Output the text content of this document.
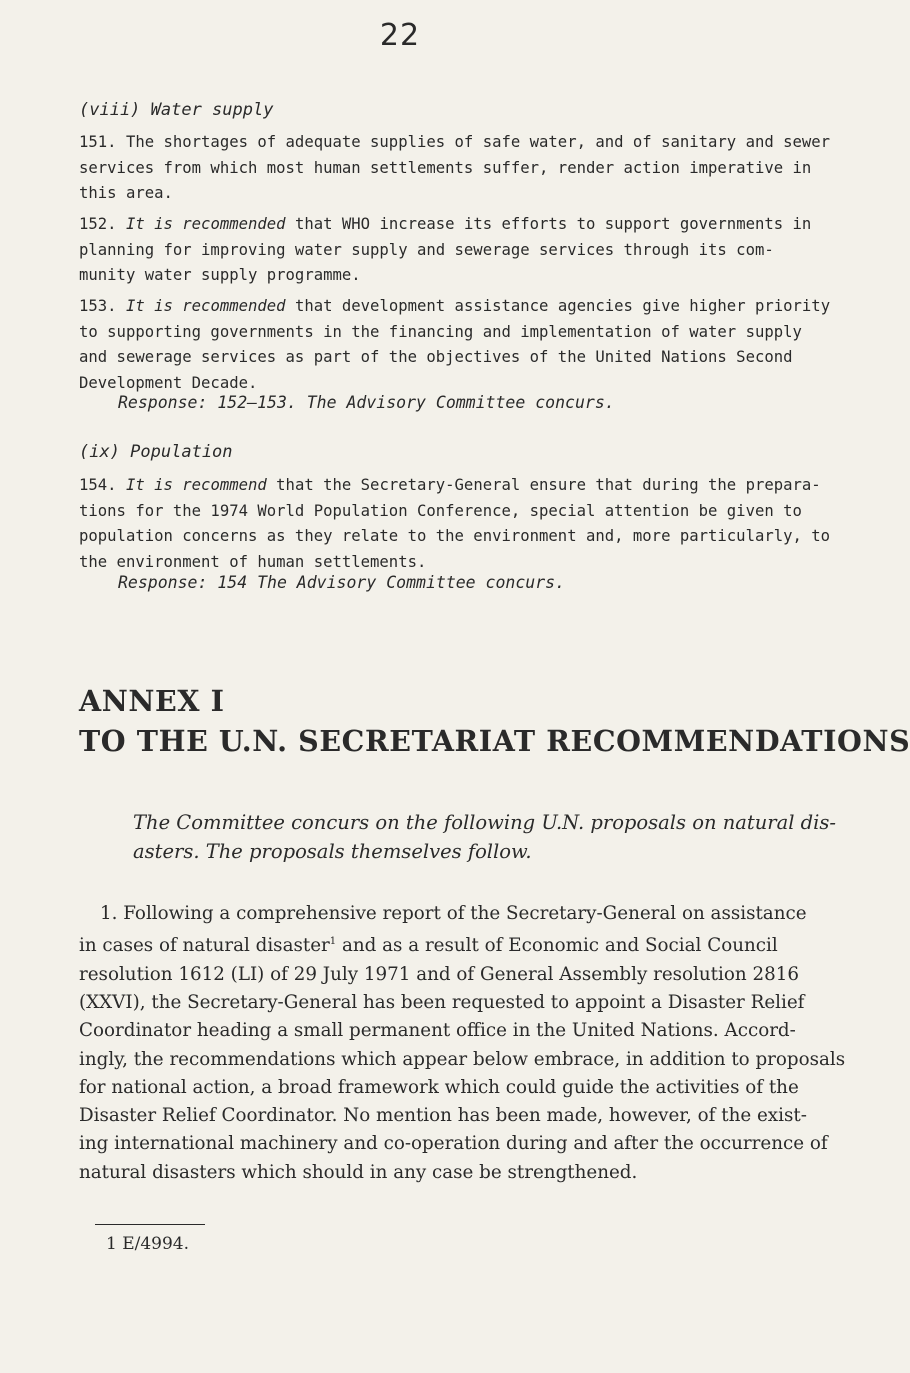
22
(viii) Water supply

151. The shortages of adequate supplies of safe water, and of sanitary and sewer
services from which most human settlements suffer, render action imperative in
this area.

152. It is recommended that WHO increase its efforts to support governments in
planning for improving water supply and sewerage services through its com-
munity water supply programme.

153. It is recommended that development assistance agencies give higher priority
to supporting governments in the financing and implementation of water supply
and sewerage services as part of the objectives of the United Nations Second
Development Decade.

Response: 152–153. The Advisory Committee concurs.
(ix) Population

154. It is recommend that the Secretary-General ensure that during the prepara-
tions for the 1974 World Population Conference, special attention be given to
population concerns as they relate to the environment and, more particularly, to
the environment of human settlements.

Response: 154 The Advisory Committee concurs.
ANNEX I
TO THE U.N. SECRETARIAT RECOMMENDATIONS
The Committee concurs on the following U.N. proposals on natural dis-
asters. The proposals themselves follow.
1. Following a comprehensive report of the Secretary-General on assistance
in cases of natural disaster$^1$ and as a result of Economic and Social Council
resolution 1612 (LI) of 29 July 1971 and of General Assembly resolution 2816
(XXVI), the Secretary-General has been requested to appoint a Disaster Relief
Coordinator heading a small permanent office in the United Nations. Accord-
ingly, the recommendations which appear below embrace, in addition to proposals
for national action, a broad framework which could guide the activities of the
Disaster Relief Coordinator. No mention has been made, however, of the exist-
ing international machinery and co-operation during and after the occurrence of
natural disasters which should in any case be strengthened.
1 E/4994.
